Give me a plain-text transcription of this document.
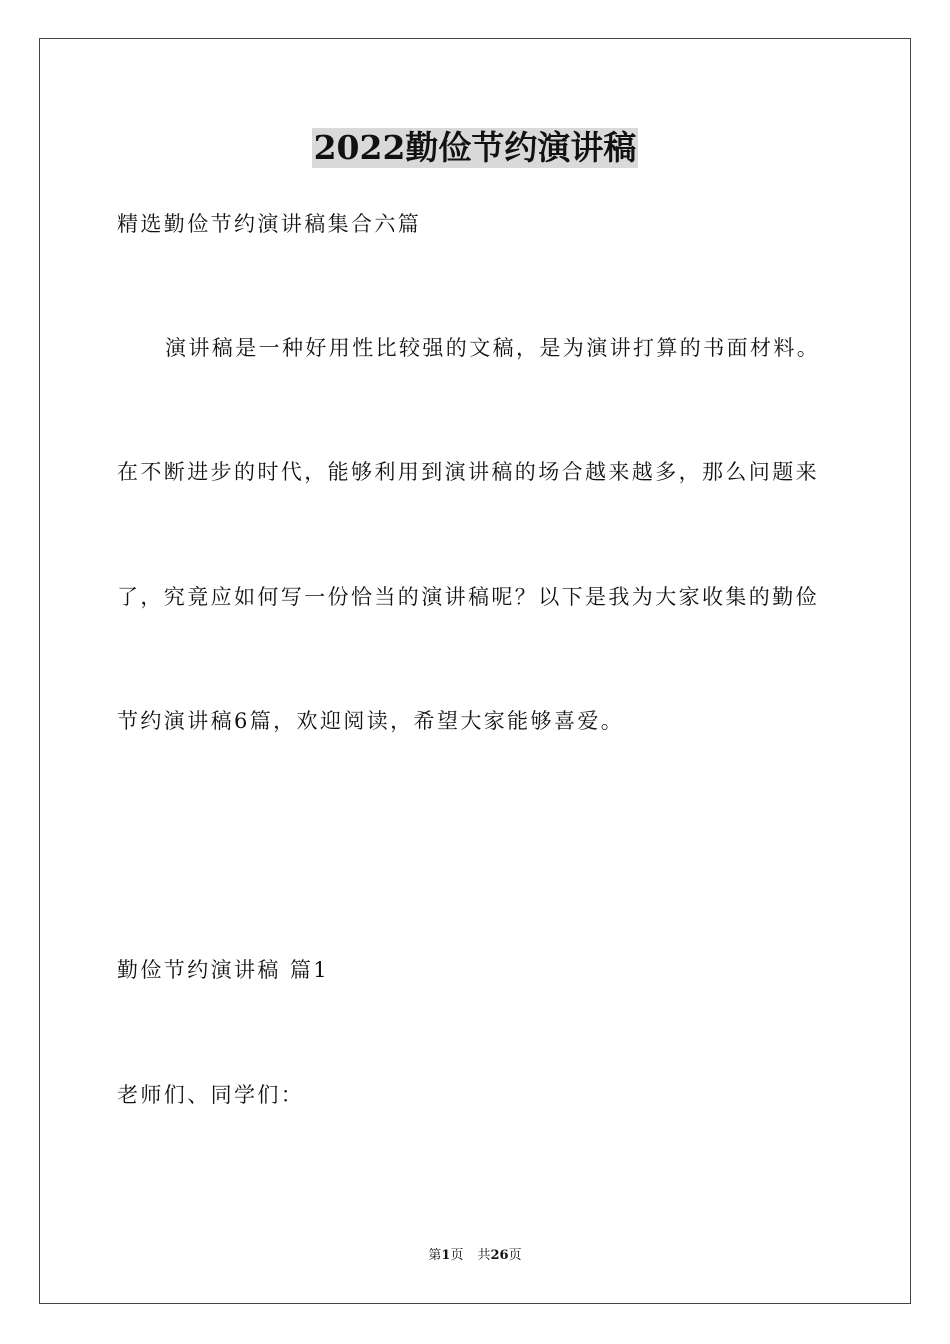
2022勤俭节约演讲稿
精选勤俭节约演讲稿集合六篇
演讲稿是一种好用性比较强的文稿，是为演讲打算的书面材料。
在不断进步的时代，能够利用到演讲稿的场合越来越多，那么问题来
了，究竟应如何写一份恰当的演讲稿呢？以下是我为大家收集的勤俭
节约演讲稿6篇，欢迎阅读，希望大家能够喜爱。
勤俭节约演讲稿 篇1
老师们、同学们：
第1页 共26页
